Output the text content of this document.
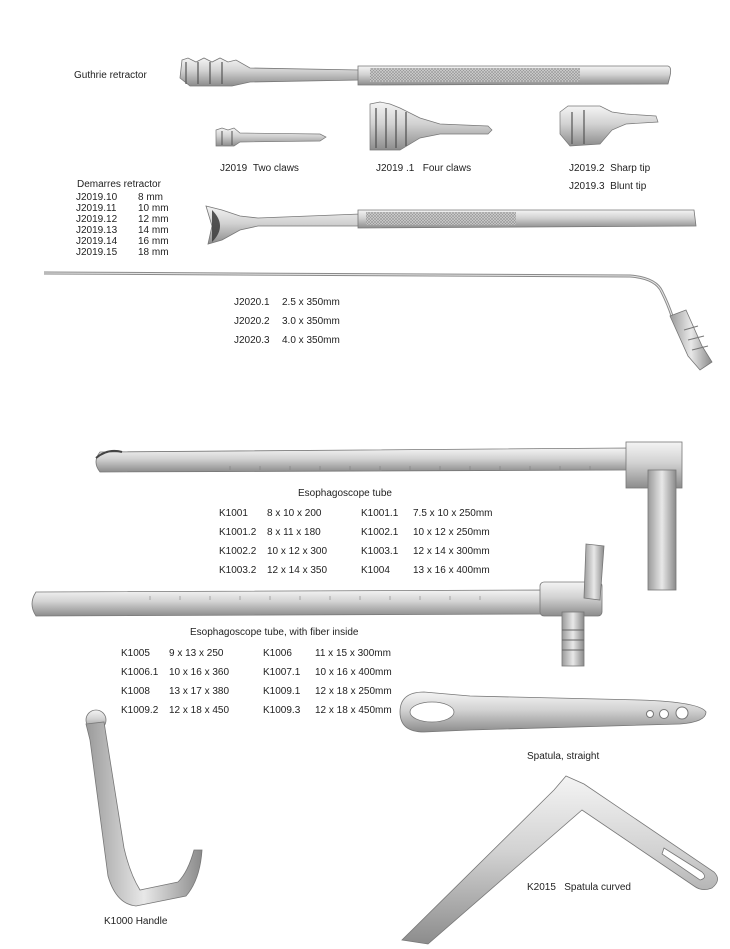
Guthrie retractor
J2019 Two claws	J2019 .1 Four claws	J2019.2 Sharp tip
J2019.3 Blunt tip
Demarres retractor
J2019.10 8 mm
J2019.11 10 mm
J2019.12 12 mm
J2019.13 14 mm
J2019.14 16 mm
J2019.15 18 mm
J2020.1 2.5 x 350mm
J2020.2 3.0 x 350mm
J2020.3 4.0 x 350mm
Esophagoscope tube
K1001	8 x 10 x 200	K1001.1	7.5 x 10 x 250mm
K1001.2	8 x 11 x 180	K1002.1	10 x 12 x 250mm
K1002.2	10 x 12 x 300	K1003.1	12 x 14 x 300mm
K1003.2	12 x 14 x 350	K1004	13 x 16 x 400mm
Esophagoscope tube, with fiber inside
K1005	9 x 13 x 250	K1006	11 x 15 x 300mm
K1006.1	10 x 16 x 360	K1007.1	10 x 16 x 400mm
K1008	13 x 17 x 380	K1009.1	12 x 18 x 250mm
K1009.2	12 x 18 x 450	K1009.3	12 x 18 x 450mm
Spatula, straight
K2015 Spatula curved
K1000 Handle
